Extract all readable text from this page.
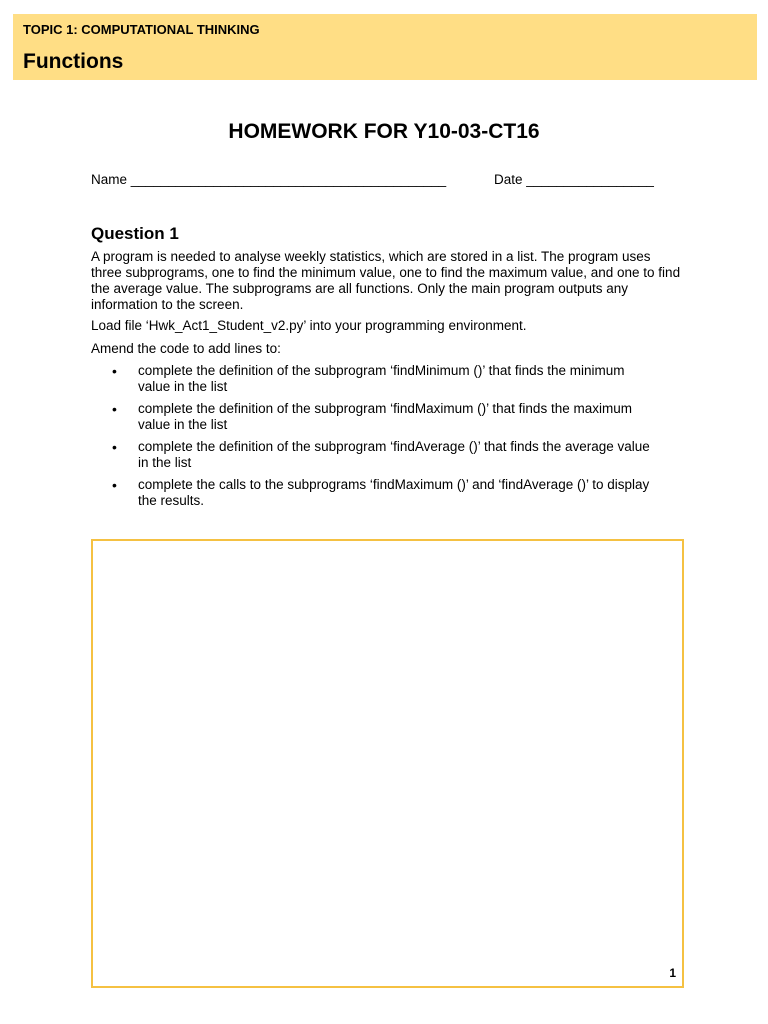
TOPIC 1: COMPUTATIONAL THINKING
Functions
HOMEWORK FOR Y10-03-CT16
Name __________________________________________	Date _________________
Question 1

A program is needed to analyse weekly statistics, which are stored in a list. The program uses three subprograms, one to find the minimum value, one to find the maximum value, and one to find the average value. The subprograms are all functions. Only the main program outputs any information to the screen.

Load file ‘Hwk_Act1_Student_v2.py’ into your programming environment.

Amend the code to add lines to:

• complete the definition of the subprogram ‘findMinimum ()’ that finds the minimum value in the list
• complete the definition of the subprogram ‘findMaximum ()’ that finds the maximum value in the list
• complete the definition of the subprogram ‘findAverage ()’ that finds the average value in the list
• complete the calls to the subprograms ‘findMaximum ()’ and ‘findAverage ()’ to display the results.
1
